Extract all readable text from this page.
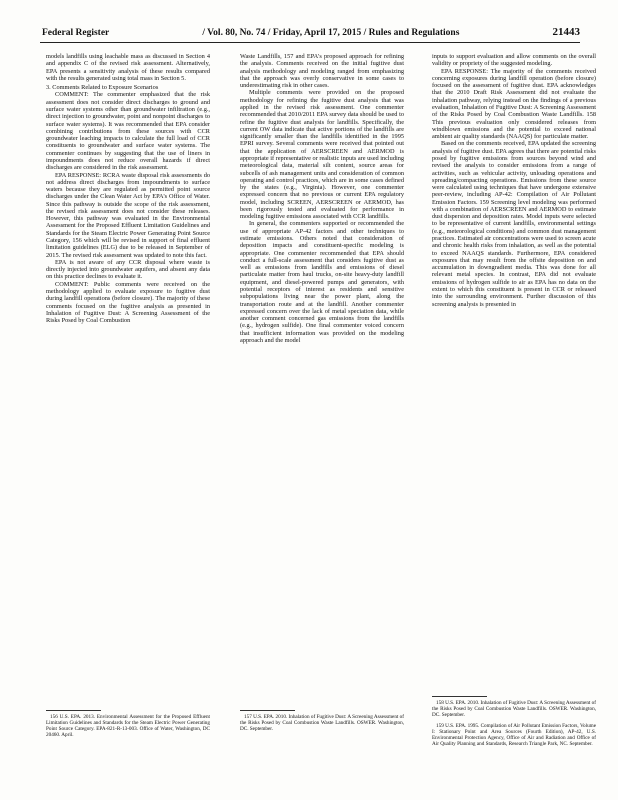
Federal Register	/ Vol. 80, No. 74 / Friday, April 17, 2015 / Rules and Regulations	21443

models landfills using leachable mass as discussed in Section 4 and appendix C of the revised risk assessment. Alternatively, EPA presents a sensitivity analysis of these results compared with the results generated using total mass in Section 5.

3. Comments Related to Exposure Scenarios

COMMENT: The commenter emphasized that the risk assessment does not consider direct discharges to ground and surface water systems other than groundwater infiltration (e.g., direct injection to groundwater, point and nonpoint discharges to surface water systems). It was recommended that EPA consider combining contributions from these sources with CCR groundwater leaching impacts to calculate the full load of CCR constituents to groundwater and surface water systems. The commenter continues by suggesting that the use of liners in impoundments does not reduce overall hazards if direct discharges are considered in the risk assessment.

EPA RESPONSE: RCRA waste disposal risk assessments do not address direct discharges from impoundments to surface waters because they are regulated as permitted point source discharges under the Clean Water Act by EPA's Office of Water. Since this pathway is outside the scope of the risk assessment, the revised risk assessment does not consider these releases. However, this pathway was evaluated in the Environmental Assessment for the Proposed Effluent Limitation Guidelines and Standards for the Steam Electric Power Generating Point Source Category, 156 which will be revised in support of final effluent limitation guidelines (ELG) due to be released in September of 2015. The revised risk assessment was updated to note this fact.

EPA is not aware of any CCR disposal where waste is directly injected into groundwater aquifers, and absent any data on this practice declines to evaluate it.

COMMENT: Public comments were received on the methodology applied to evaluate exposure to fugitive dust during landfill operations (before closure). The majority of these comments focused on the fugitive analysis as presented in Inhalation of Fugitive Dust: A Screening Assessment of the Risks Posed by Coal Combustion

Waste Landfills, 157 and EPA's proposed approach for refining the analysis. Comments received on the initial fugitive dust analysis methodology and modeling ranged from emphasizing that the approach was overly conservative in some cases to underestimating risk in other cases.

Multiple comments were provided on the proposed methodology for refining the fugitive dust analysis that was applied in the revised risk assessment. One commenter recommended that 2010/2011 EPA survey data should be used to refine the fugitive dust analysis for landfills. Specifically, the current OW data indicate that active portions of the landfills are significantly smaller than the landfills identified in the 1995 EPRI survey. Several comments were received that pointed out that the application of AERSCREEN and AERMOD is appropriate if representative or realistic inputs are used including meteorological data, material silt content, source areas for subcells of ash management units and consideration of common operating and control practices, which are in some cases defined by the states (e.g., Virginia). However, one commenter expressed concern that no previous or current EPA regulatory model, including SCREEN, AERSCREEN or AERMOD, has been rigorously tested and evaluated for performance in modeling fugitive emissions associated with CCR landfills.

In general, the commenters supported or recommended the use of appropriate AP-42 factors and other techniques to estimate emissions. Others noted that consideration of deposition impacts and constituent-specific modeling is appropriate. One commenter recommended that EPA should conduct a full-scale assessment that considers fugitive dust as well as emissions from landfills and emissions of diesel particulate matter from haul trucks, on-site heavy-duty landfill equipment, and diesel-powered pumps and generators, with potential receptors of interest as residents and sensitive subpopulations living near the power plant, along the transportation route and at the landfill. Another commenter expressed concern over the lack of metal speciation data, while another comment concerned gas emissions from the landfills (e.g., hydrogen sulfide). One final commenter voiced concern that insufficient information was provided on the modeling approach and the model

inputs to support evaluation and allow comments on the overall validity or propriety of the suggested modeling.

EPA RESPONSE: The majority of the comments received concerning exposures during landfill operation (before closure) focused on the assessment of fugitive dust. EPA acknowledges that the 2010 Draft Risk Assessment did not evaluate the inhalation pathway, relying instead on the findings of a previous evaluation, Inhalation of Fugitive Dust: A Screening Assessment of the Risks Posed by Coal Combustion Waste Landfills. 158 This previous evaluation only considered releases from windblown emissions and the potential to exceed national ambient air quality standards (NAAQS) for particulate matter.

Based on the comments received, EPA updated the screening analysis of fugitive dust. EPA agrees that there are potential risks posed by fugitive emissions from sources beyond wind and revised the analysis to consider emissions from a range of activities, such as vehicular activity, unloading operations and spreading/compacting operations. Emissions from these source were calculated using techniques that have undergone extensive peer-review, including AP-42: Compilation of Air Pollutant Emission Factors. 159 Screening level modeling was performed with a combination of AERSCREEN and AERMOD to estimate dust dispersion and deposition rates. Model inputs were selected to be representative of current landfills, environmental settings (e.g., meteorological conditions) and common dust management practices. Estimated air concentrations were used to screen acute and chronic health risks from inhalation, as well as the potential to exceed NAAQS standards. Furthermore, EPA considered exposures that may result from the offsite deposition on and accumulation in downgradient media. This was done for all relevant metal species. In contrast, EPA did not evaluate emissions of hydrogen sulfide to air as EPA has no data on the extent to which this constituent is present in CCR or released into the surrounding environment. Further discussion of this screening analysis is presented in

156 U.S. EPA. 2013. Environmental Assessment for the Proposed Effluent Limitation Guidelines and Standards for the Steam Electric Power Generating Point Source Category. EPA-821-R-13-003. Office of Water, Washington, DC 20460. April.

157 U.S. EPA. 2010. Inhalation of Fugitive Dust: A Screening Assessment of the Risks Posed by Coal Combustion Waste Landfills. OSWER. Washington, DC. September.

158 U.S. EPA. 2010. Inhalation of Fugitive Dust: A Screening Assessment of the Risks Posed by Coal Combustion Waste Landfills. OSWER. Washington, DC. September.

159 U.S. EPA. 1995. Compilation of Air Pollutant Emission Factors, Volume I: Stationary Point and Area Sources (Fourth Edition), AP-42, U.S. Environmental Protection Agency, Office of Air and Radiation and Office of Air Quality Planning and Standards, Research Triangle Park, NC. September.
